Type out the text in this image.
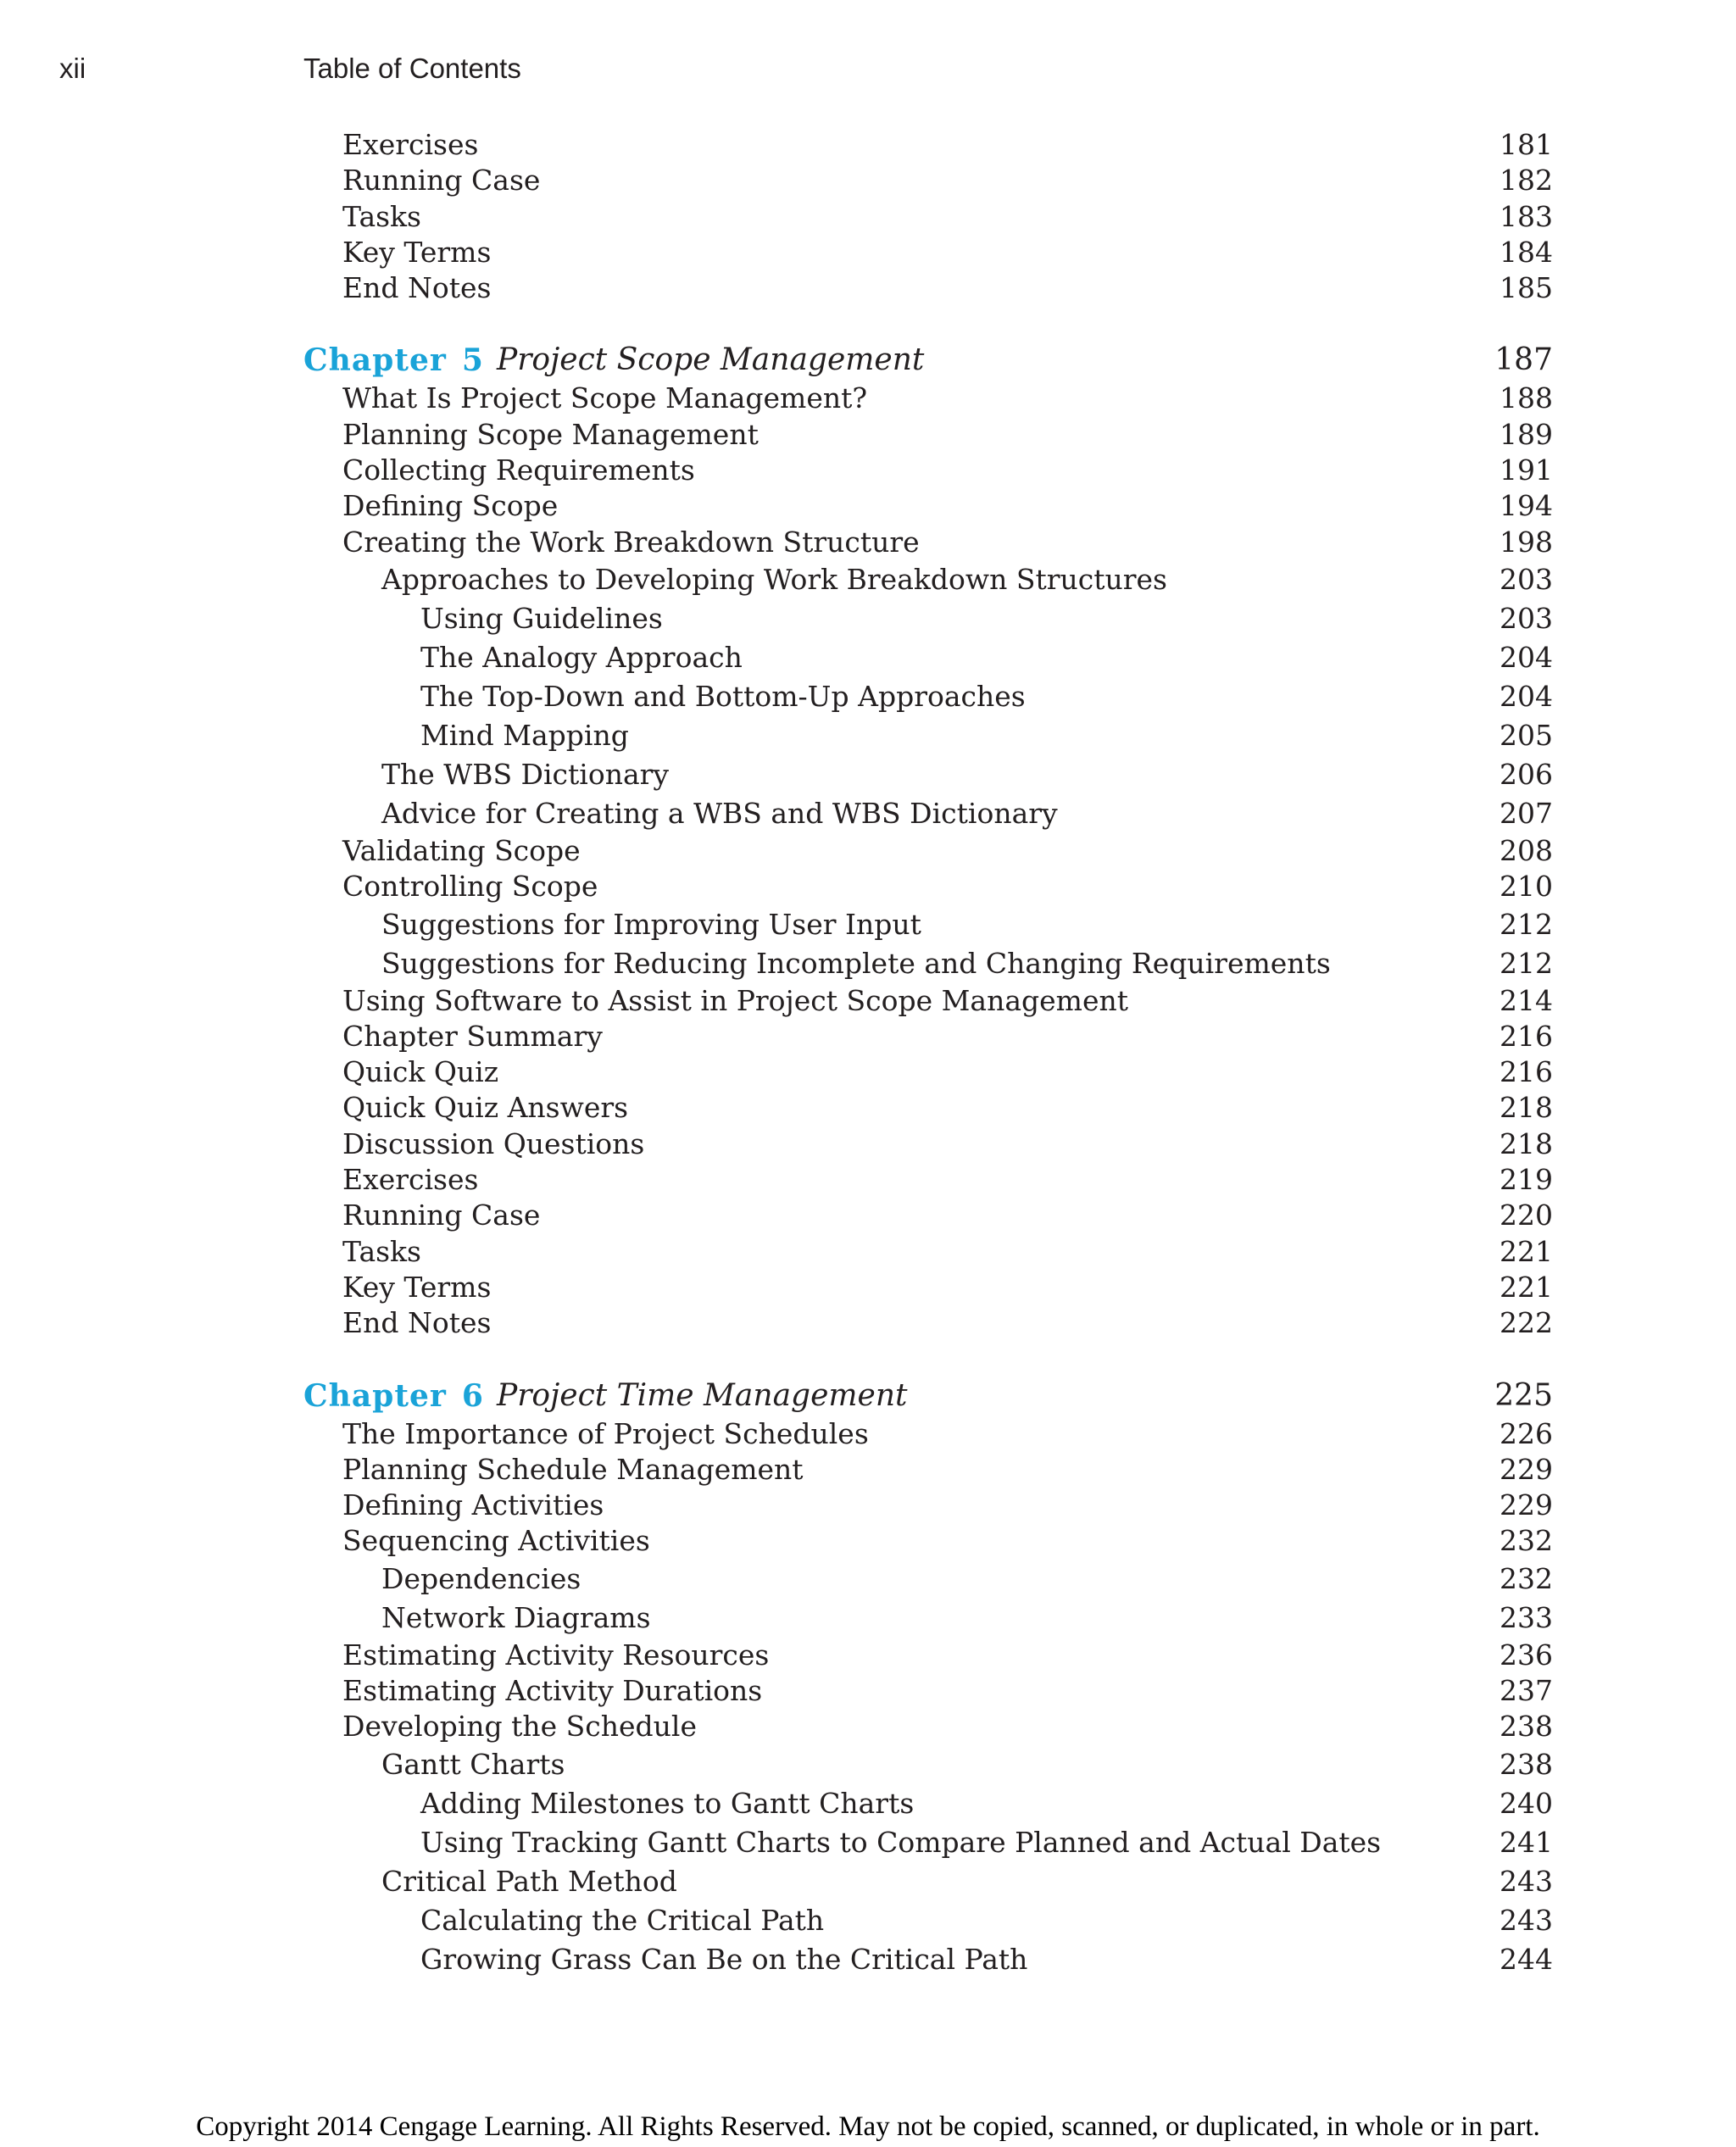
xii	Table of Contents
Exercises	181
Running Case	182
Tasks	183
Key Terms	184
End Notes	185
Chapter 5 Project Scope Management	187
What Is Project Scope Management?	188
Planning Scope Management	189
Collecting Requirements	191
Defining Scope	194
Creating the Work Breakdown Structure	198
Approaches to Developing Work Breakdown Structures	203
Using Guidelines	203
The Analogy Approach	204
The Top-Down and Bottom-Up Approaches	204
Mind Mapping	205
The WBS Dictionary	206
Advice for Creating a WBS and WBS Dictionary	207
Validating Scope	208
Controlling Scope	210
Suggestions for Improving User Input	212
Suggestions for Reducing Incomplete and Changing Requirements	212
Using Software to Assist in Project Scope Management	214
Chapter Summary	216
Quick Quiz	216
Quick Quiz Answers	218
Discussion Questions	218
Exercises	219
Running Case	220
Tasks	221
Key Terms	221
End Notes	222
Chapter 6 Project Time Management	225
The Importance of Project Schedules	226
Planning Schedule Management	229
Defining Activities	229
Sequencing Activities	232
Dependencies	232
Network Diagrams	233
Estimating Activity Resources	236
Estimating Activity Durations	237
Developing the Schedule	238
Gantt Charts	238
Adding Milestones to Gantt Charts	240
Using Tracking Gantt Charts to Compare Planned and Actual Dates	241
Critical Path Method	243
Calculating the Critical Path	243
Growing Grass Can Be on the Critical Path	244
Copyright 2014 Cengage Learning. All Rights Reserved. May not be copied, scanned, or duplicated, in whole or in part.
